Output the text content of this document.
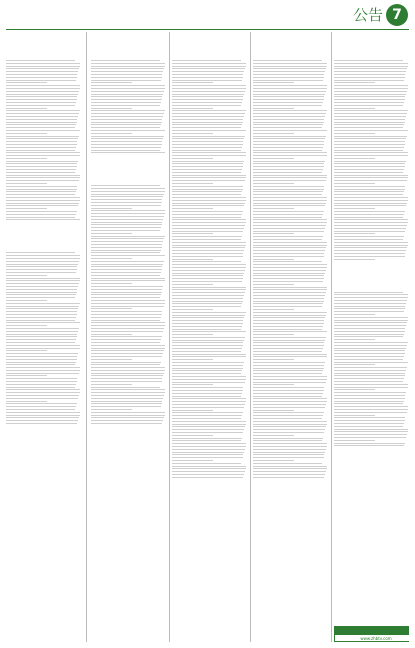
公告 7
www.zhbtv.com
